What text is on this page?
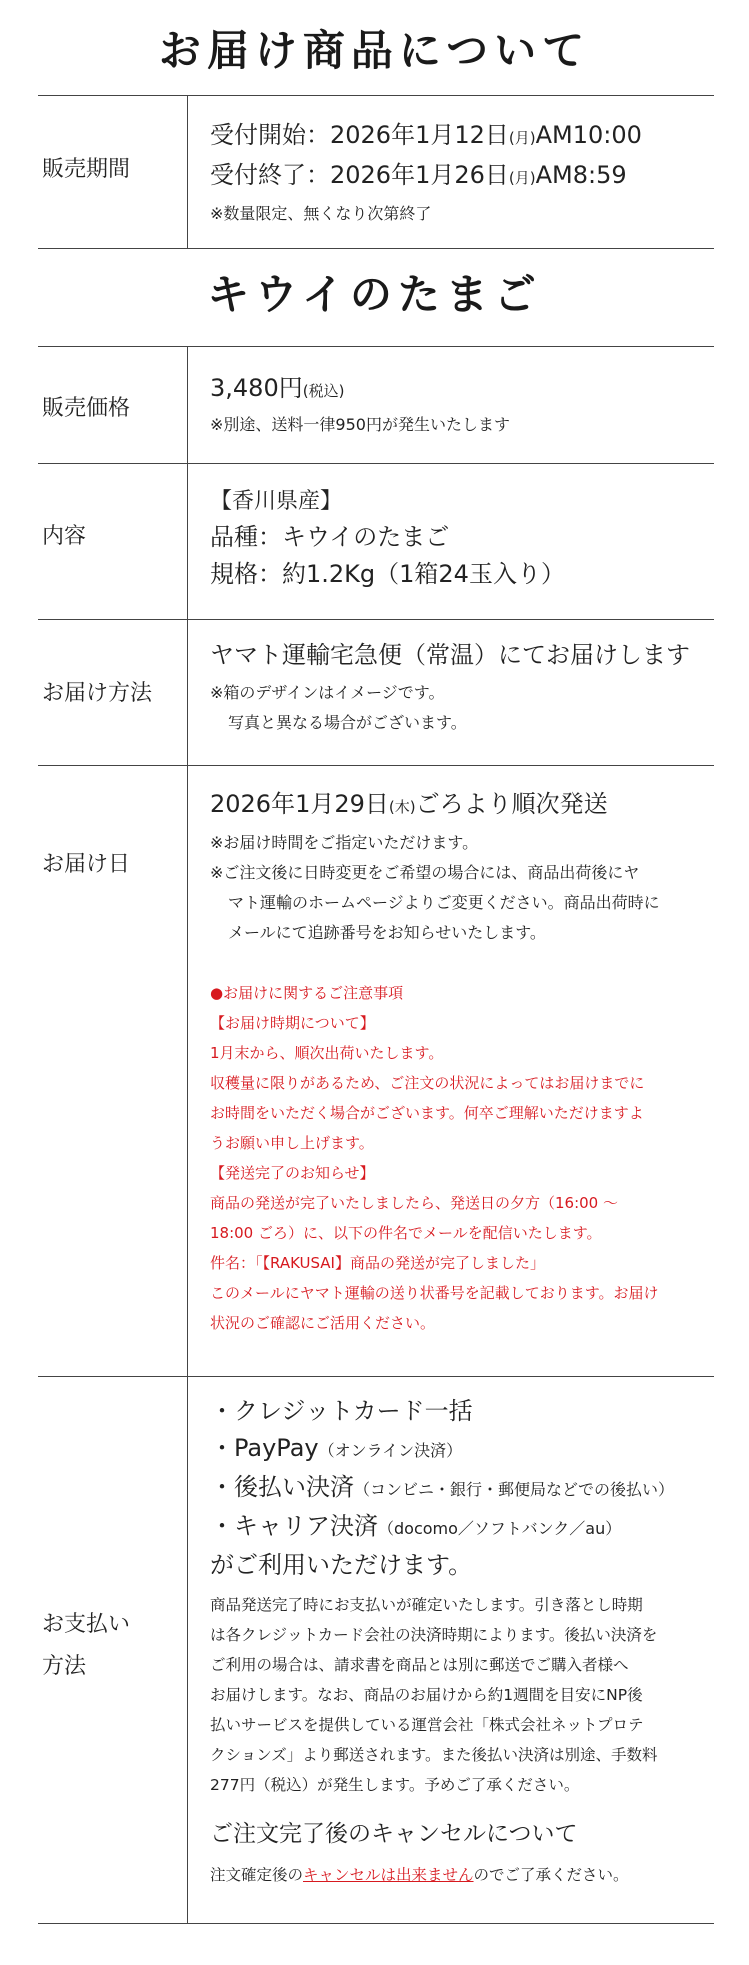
お届け商品について
販売期間
受付開始：2026年1月12日(月)AM10:00
受付終了：2026年1月26日(月)AM8:59
※数量限定、無くなり次第終了
キウイのたまご
販売価格
3,480円(税込)
※別途、送料一律950円が発生いたします
内容
【香川県産】
品種：キウイのたまご
規格：約1.2Kg（1箱24玉入り）
お届け方法
ヤマト運輸宅急便（常温）にてお届けします
※箱のデザインはイメージです。
写真と異なる場合がございます。
お届け日
2026年1月29日(木)ごろより順次発送
※お届け時間をご指定いただけます。
※ご注文後に日時変更をご希望の場合には、商品出荷後にヤ
マト運輸のホームページよりご変更ください。商品出荷時に
メールにて追跡番号をお知らせいたします。
●お届けに関するご注意事項
【お届け時期について】
1月末から、順次出荷いたします。
収穫量に限りがあるため、ご注文の状況によってはお届けまでに
お時間をいただく場合がございます。何卒ご理解いただけますよ
うお願い申し上げます。
【発送完了のお知らせ】
商品の発送が完了いたしましたら、発送日の夕方（16:00 ～
18:00 ごろ）に、以下の件名でメールを配信いたします。
件名：「【RAKUSAI】商品の発送が完了しました」
このメールにヤマト運輸の送り状番号を記載しております。お届け
状況のご確認にご活用ください。
お支払い
方法
・クレジットカード一括
・PayPay（オンライン決済）
・後払い決済（コンビニ・銀行・郵便局などでの後払い）
・キャリア決済（docomo／ソフトバンク／au）
がご利用いただけます。
商品発送完了時にお支払いが確定いたします。引き落とし時期
は各クレジットカード会社の決済時期によります。後払い決済を
ご利用の場合は、請求書を商品とは別に郵送でご購入者様へ
お届けします。なお、商品のお届けから約1週間を目安にNP後
払いサービスを提供している運営会社「株式会社ネットプロテ
クションズ」より郵送されます。また後払い決済は別途、手数料
277円（税込）が発生します。予めご了承ください。
ご注文完了後のキャンセルについて
注文確定後のキャンセルは出来ませんのでご了承ください。
